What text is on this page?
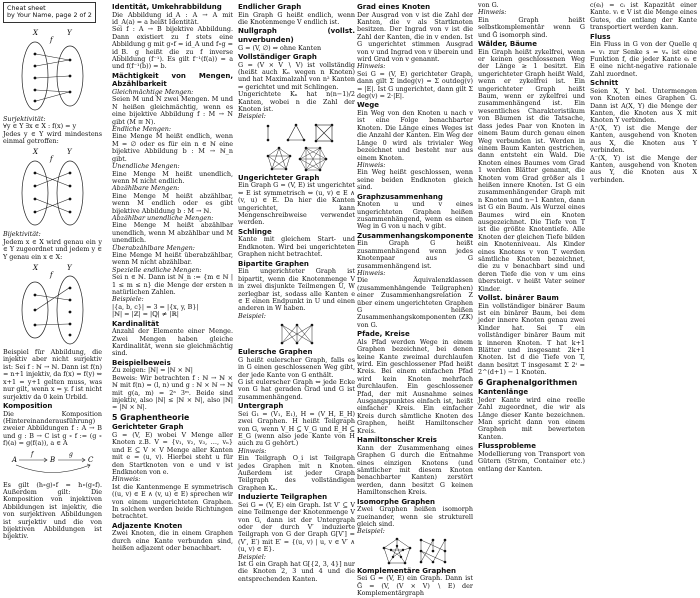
Cheat sheet
by Your Name, page 2 of 2
X	Y
f

Surjektivität:

∀y ∈ Y ∃x ∈ X : f(x) = y

Jedes y ∈ Y wird mindestens einmal getroffen:

X	Y
f

Bijektivität:

Jedem x ∈ X wird genau ein y ∈ Y zugeordnet und jedem y ∈ Y genau ein x ∈ X:

X	Y
f

Beispiel für Abbildung, die injektiv aber nicht surjektiv ist: Sei f : ℕ → ℕ. Dann ist f(n) = n+1 injektiv, da f(x) = f(y) ⇔ x+1 = y+1 gelten muss, was nur gilt, wenn x = y. f ist nicht surjektiv da 0 kein Urbild.

Komposition

Die Komposition (Hintereinanderausführung) zweier Abbildungen f : A → B und g : B → C ist g ∘ f := (g ∘ f)(a) = g(f(a)), a ∈ A

A	B	C
f	g

Es gilt (h∘g)∘f = h∘(g∘f). Außerdem gilt: Die Komposition von injektiven Abbildungen ist injektiv, die von surjektiven Abbildungen ist surjektiv und die von bijektiven Abbildungen ist bijektiv.

Identität, Umkehrabbildung

Die Abbildung id_A : A → A mit id_A(a) = a heißt Identität.

Sei f : A → B bijektive Abbildung. Dann existiert zu f stets eine Abbildung g mit g∘f = id_A und f∘g = id_B. g heißt die zu f inverse Abbildung (f⁻¹). Es gilt f⁻¹(f(a)) = a und f(f⁻¹(b)) = b.

Mächtigkeit von Mengen, Abzählbarkeit

Gleichmächtige Mengen:

Seien M und N zwei Mengen. M und N heißen gleichmächtig, wenn es eine bijektive Abbildung f : M → N gibt (M ≅ N).

Endliche Mengen:

Eine Menge M heißt endlich, wenn M = ∅ oder es für ein n ∈ ℕ eine bijektive Abbildung b : M → ℕ_n gibt.

Unendliche Mengen:

Eine Menge M heißt unendlich, wenn M nicht endlich.

Abzählbare Mengen:

Eine Menge M heißt abzählbar, wenn M endlich oder es gibt bijektive Abbildung b : M → ℕ.

Abzählbar unendliche Mengen:

Eine Menge M heißt abzählbar unendlich, wenn M abzählbar und M unendlich.

Überabzählbare Mengen:

Eine Menge M heißt überabzählbar, wenn M nicht abzählbar.

Spezielle endliche Mengen:

Sei n ∈ ℕ. Dann ist ℕ_n := {m ∈ ℕ | 1 ≤ m ≤ n} die Menge der ersten n natürlichen Zahlen.

Beispiele:

|{a, b, c}| = 3 = |{x, y, B}|

|ℕ| = |ℤ| = |ℚ| ≠ |ℝ|

Kardinalität

Anzahl der Elemente einer Menge. Zwei Mengen haben gleiche Kardinalität, wenn sie gleichmächtig sind.

Beispielbeweis

Zu zeigen: |ℕ| = |ℕ × ℕ|

Beweis: Wir betrachten f : ℕ → ℕ × ℕ mit f(n) = (l, n) und g : ℕ × ℕ → ℕ mit g(a, m) = 2ᵃ 3ᵐ. Beide sind injektiv, also |ℕ| ≤ |ℕ × ℕ|, also |ℕ| = |ℕ × ℕ|.

5 Graphentheorie
Gerichteter Graph

G = (V, E) wobei V Menge aller Knoten z.B. V = {v₁, v₂, v₃, …, vₙ} und E ⊆ V × V Menge aller Kanten mit e = (u, v). Hierbei steht u für den Startknoten von e und v ist Endknoten von e.

Hinweis:

Ist die Kantenmenge E symmetrisch ((u, v) ∈ E ∧ (v, u) ∈ E) sprechen wir von einem ungerichteten Graphen. In solchen werden beide Richtungen betrachtet.

Adjazente Knoten

Zwei Knoten, die in einem Graphen durch eine Kante verbunden sind, heißen adjazent oder benachbart.

Endlicher Graph

Ein Graph G heißt endlich, wenn die Knotenmenge V endlich ist.

Nullgraph (vollst. unverbunden)

G = (V, ∅) ⇒ ohne Kanten

Vollständiger Graph

G = (V × V ∖ V) ist vollständig (heißt auch Kₙ wegen n Knoten) und hat Maximalzahl von n² Kanten ⇒ gerichtet und mit Schlingen.

Ungerichtete Kₙ hat n(n−1)/2 Kanten, wobei n die Zahl der Knoten ist.

Beispiel:

Ungerichteter Graph

Ein Graph G = (V, E) ist ungerichtet ⇔ E ist symmetrisch ⇔ (u, v) ∈ E ∧ (v, u) ∈ E. Da hier die Kanten ungerichtet, kann Mengenschreibweise verwendet werden.

Schlinge

Kante mit gleichem Start- und Endknoten. Wird bei ungerichteten Graphen nicht betrachtet.

Bipartite Graphen

Ein ungerichteter Graph ist bipartit, wenn die Knotenmenge V in zwei disjunkte Teilmengen U, W zerlegbar ist, sodass alle Kanten e ∈ E einen Endpunkt in U und einen anderen in W haben.

Beispiel:

Eulersche Graphen

G heißt eulerscher Graph, falls es in G einen geschlossenen Weg gibt, der jede Kante von G enthält.

G ist eulerscher Graph ⇔ jede Ecke von G hat geraden Grad und G ist zusammenhängend.

Untergraph

Sei G₁ = (V₁, E₁), H = (V_H, E_H) zwei Graphen. H heißt Teilgraph von G, wenn V_H ⊆ V_G und E_H ⊆ E_G (wenn also jede Kante von H auch zu G gehört.)

Hinweis:

Ein Teilgraph O_i ist Teilgraph jedes Graphen mit n Knoten. Außerdem ist jeder Graph Teilgraph des vollständigen Graphen Kₙ.

Induzierte Teilgraphen

Sei G = (V, E) ein Graph. Ist V′ ⊆ V eine Teilmenge der Knotenmenge V von G, dann ist der Untergraph oder der durch V′ induzierte Teilgraph von G der Graph G[V′] = (V′, E′) mit E′ = {(u, v) | u, v ∈ V′ ∧ (u, v) ∈ E}.

Beispiel:

Ist G ein Graph hat G[{2, 3, 4}] nur die Knoten 2, 3 und 4 und die entsprechenden Kanten.

Grad eines Knoten

Der Ausgrad von v ist die Zahl der Kanten, die v als Startknoten besitzen. Der Ingrad von v ist die Zahl der Kanten, die in v enden. Ist G ungerichtet stimmen Ausgrad von v und Ingrad von v überein und wird Grad von v genannt.

Hinweis:

Sei G = (V, E) gerichteter Graph, dann gilt Σ indeg(v) = Σ outdeg(v) = |E|. Ist G ungerichtet, dann gilt Σ deg(v) = 2·|E|.

Wege

Ein Weg von den Knoten u nach v ist eine Folge benachbarter Knoten. Die Länge eines Weges ist die Anzahl der Kanten. Ein Weg der Länge 0 wird als trivialer Weg bezeichnet und besteht nur aus einem Knoten.

Hinweis:

Ein Weg heißt geschlossen, wenn seine beiden Endknoten gleich sind.

Graphzusammenhang

Knoten u und v eines ungerichteten Graphen heißen zusammenhängend, wenn es einen Weg in G von u nach v gibt.

Zusammenhangskomponente

Ein Graph G heißt zusammenhängend wenn jedes Knotenpaar aus G zusammenhängend ist.

Hinweis:

Die Äquivalenzklassen (zusammenhängende Teilgraphen) einer Zusammenhangsrelation Z über einem ungerichteten Graphen G heißen Zusammenhangskomponenten (ZK) von G.

Pfade, Kreise

Als Pfad werden Wege in einem Graphen bezeichnet, bei denen keine Kante zweimal durchlaufen wird. Ein geschlossener Pfad heißt Kreis. Bei einem einfachen Pfad wird kein Knoten mehrfach durchlaufen. Ein geschlossener Pfad, der mit Ausnahme seines Ausgangspunktes einfach ist, heißt einfacher Kreis. Ein einfacher Kreis durch sämtliche Knoten des Graphen, heißt Hamiltonscher Kreis.

Hamiltonscher Kreis

Kann der Zusammenhang eines Graphen G durch die Entnahme eines einzigen Knotens (und sämtlicher mit diesem Knoten benachbarter Kanten) zerstört werden, dann besitzt G keinen Hamiltonschen Kreis.

Isomorphe Graphen

Zwei Graphen heißen isomorph zueinander, wenn sie strukturell gleich sind.

Beispiel:

Komplementäre Graphen

Sei G = (V, E) ein Graph. Dann ist Ḡ = (V, (V × V) ∖ E) der Komplementärgraph

von G.

Hinweis:

Ein Graph heißt selbstkomplementär wenn G und Ḡ isomorph sind.

Wälder, Bäume

Ein Graph heißt zykelfrei, wenn er keinen geschlossenen Weg der Länge ≥ 1 besitzt. Ein ungerichteter Graph heißt Wald, wenn er zykelfrei ist. Ein ungerichteter Graph heißt Baum, wenn er zykelfrei und zusammenhängend ist. Ein wesentliches Charakteristikum von Bäumen ist die Tatsache, dass jedes Paar von Knoten in einem Baum durch genau einen Weg verbunden ist. Werden in einem Baum Kanten gestrichen, dann entsteht ein Wald. Die Knoten eines Baumes vom Grad 1 werden Blätter genannt, die Knoten vom Grad größer als 1 heißen innere Knoten. Ist G ein zusammenhängender Graph mit n Knoten und n−1 Kanten, dann ist G ein Baum. Als Wurzel eines Baumes wird ein Knoten ausgezeichnet. Die Tiefe von T ist die größte Knotentiefe. Alle Knoten der gleichen Tiefe bilden ein Knotenniveau. Als Kinder eines Knotens v von T werden sämtliche Knoten bezeichnet, die zu v benachbart sind und deren Tiefe die von v um eins übersteigt. v heißt Vater seiner Kinder.

Vollst. binärer Baum

Ein vollständiger binärer Baum ist ein binärer Baum, bei dem jeder innere Knoten genau zwei Kinder hat. Sei T ein vollständiger binärer Baum mit k inneren Knoten. T hat k+1 Blätter und insgesamt 2k+1 Knoten. Ist d die Tiefe von T, dann besitzt T insgesamt Σ 2ⁱ = 2^(d+1) − 1 Knoten.

6 Graphenalgorithmen
Kantenlänge

Jeder Kante wird eine reelle Zahl zugeordnet, die wir als Länge dieser Kante bezeichnen. Man spricht dann von einem Graphen mit bewerteten Kanten.

Flussprobleme

Modellierung von Transport von Gütern (Strom, Container etc.) entlang der Kanten.

c(eᵢ) = cᵢ ist Kapazität einer Kante. vᵢ ∈ V ist die Menge eines Gutes, die entlang der Kante transportiert werden kann.

Fluss

Ein Fluss in G von der Quelle q = v₁ zur Senke s = vₙ ist eine Funktion f, die jeder Kante eᵢ ∈ E eine nicht-negative rationale Zahl zuordnet.

Schnitt

Seien X, Y bel. Untermengen von Knoten eines Graphen G. Dann ist A(X, Y) die Menge der Kanten, die Knoten aus X mit Knoten Y verbinden.

A⁺(X, Y) ist die Menge der Kanten, ausgehend von Knoten aus X, die Knoten aus Y verbinden.

A⁻(X, Y) ist die Menge der Kanten, ausgehend von Knoten aus Y, die Knoten aus X verbinden.
